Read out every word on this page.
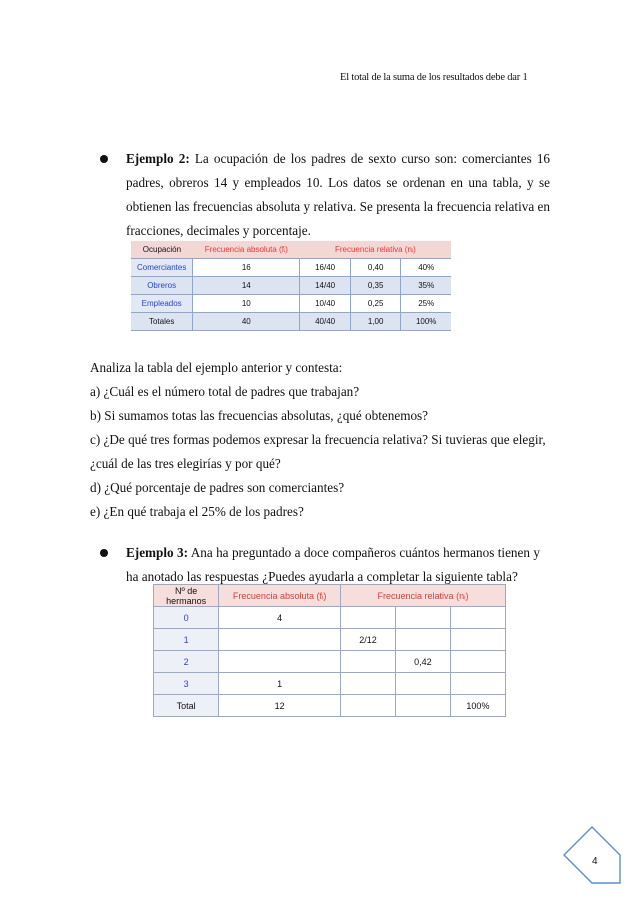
El total de la suma de los resultados debe dar 1
Ejemplo 2: La ocupación de los padres de sexto curso son: comerciantes 16 padres, obreros 14 y empleados 10. Los datos se ordenan en una tabla, y se obtienen las frecuencias absoluta y relativa. Se presenta la frecuencia relativa en fracciones, decimales y porcentaje.
Ocupación	Frecuencia absoluta (fᵢ)	Frecuencia relativa (nᵢ)		
Comerciantes	16	16/40	0,40	40%
Obreros	14	14/40	0,35	35%
Empleados	10	10/40	0,25	25%
Totales	40	40/40	1,00	100%
Analiza la tabla del ejemplo anterior y contesta:
a) ¿Cuál es el número total de padres que trabajan?
b) Si sumamos totas las frecuencias absolutas, ¿qué obtenemos?
c) ¿De qué tres formas podemos expresar la frecuencia relativa? Si tuvieras que elegir,
¿cuál de las tres elegirías y por qué?
d) ¿Qué porcentaje de padres son comerciantes?
e) ¿En qué trabaja el 25% de los padres?
Ejemplo 3: Ana ha preguntado a doce compañeros cuántos hermanos tienen y ha anotado las respuestas ¿Puedes ayudarla a completar la siguiente tabla?
Nº de hermanos	Frecuencia absoluta (fᵢ)	Frecuencia relativa (nᵢ)		
0	4			
1		2/12		
2			0,42	
3	1			
Total	12			100%
4
